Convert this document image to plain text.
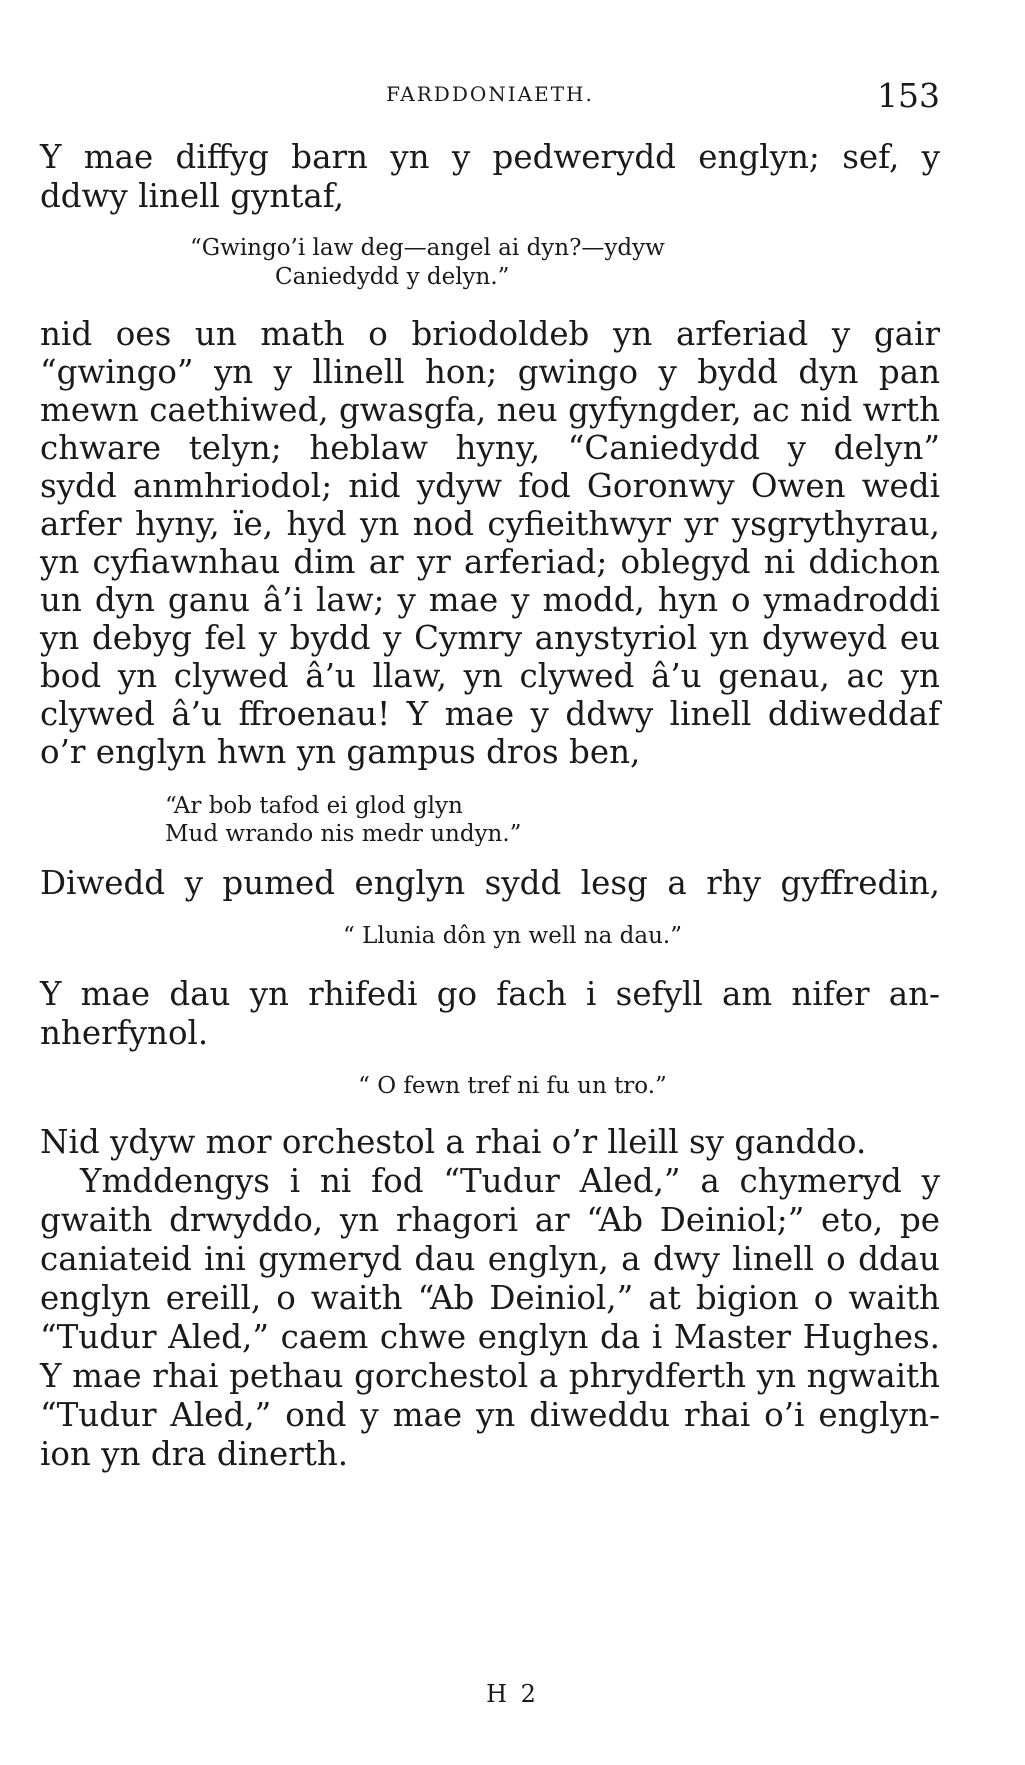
FARDDONIAETH.	153
Y mae diffyg barn yn y pedwerydd englyn; sef, y
ddwy linell gyntaf,
“Gwingo’i law deg—angel ai dyn?—ydyw
Caniedydd y delyn.”
nid oes un math o briodoldeb yn arferiad y gair
“gwingo” yn y llinell hon; gwingo y bydd dyn pan
mewn caethiwed, gwasgfa, neu gyfyngder, ac nid wrth
chware telyn; heblaw hyny, “Caniedydd y delyn”
sydd anmhriodol; nid ydyw fod Goronwy Owen wedi
arfer hyny, ïe, hyd yn nod cyfieithwyr yr ysgrythyrau,
yn cyfiawnhau dim ar yr arferiad; oblegyd ni ddichon
un dyn ganu â’i law; y mae y modd, hyn o ymadroddi
yn debyg fel y bydd y Cymry anystyriol yn dyweyd eu
bod yn clywed â’u llaw, yn clywed â’u genau, ac yn
clywed â’u ffroenau! Y mae y ddwy linell ddiweddaf
o’r englyn hwn yn gampus dros ben,
“Ar bob tafod ei glod glyn
Mud wrando nis medr undyn.”
Diwedd y pumed englyn sydd lesg a rhy gyffredin,
“ Llunia dôn yn well na dau.”
Y mae dau yn rhifedi go fach i sefyll am nifer an-
nherfynol.
“ O fewn tref ni fu un tro.”
Nid ydyw mor orchestol a rhai o’r lleill sy ganddo.
Ymddengys i ni fod “Tudur Aled,” a chymeryd y
gwaith drwyddo, yn rhagori ar “Ab Deiniol;” eto, pe
caniateid ini gymeryd dau englyn, a dwy linell o ddau
englyn ereill, o waith “Ab Deiniol,” at bigion o waith
“Tudur Aled,” caem chwe englyn da i Master Hughes.
Y mae rhai pethau gorchestol a phrydferth yn ngwaith
“Tudur Aled,” ond y mae yn diweddu rhai o’i englyn-
ion yn dra dinerth.
H 2
